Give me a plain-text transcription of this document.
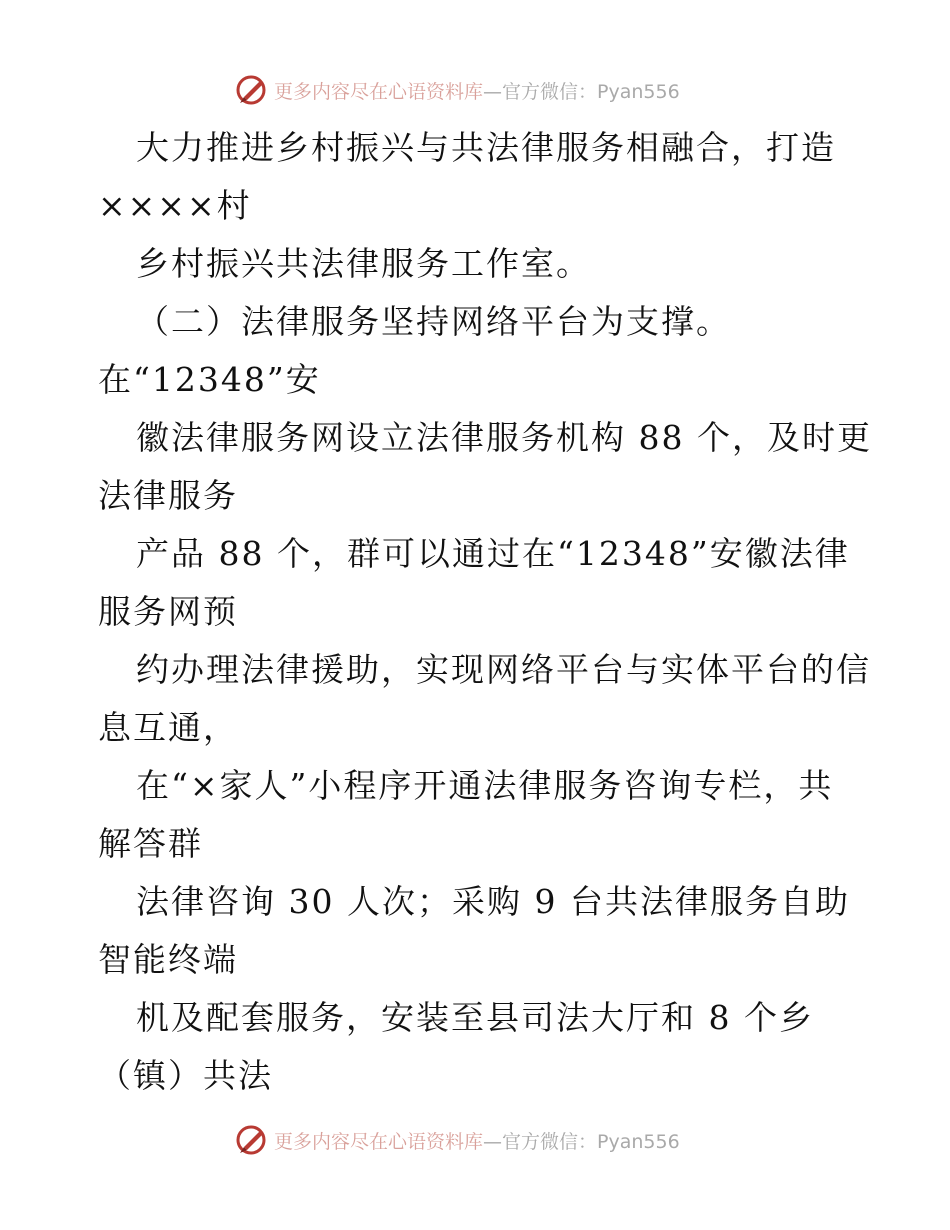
更多内容尽在心语资料库 —官方微信：Pyan556
大力推进乡村振兴与共法律服务相融合，打造
××××村
乡村振兴共法律服务工作室。
（二）法律服务坚持网络平台为支撑。
在“12348”安
徽法律服务网设立法律服务机构 88 个，及时更
法律服务
产品 88 个，群可以通过在“12348”安徽法律
服务网预
约办理法律援助，实现网络平台与实体平台的信
息互通，
在“×家人”小程序开通法律服务咨询专栏，共
解答群
法律咨询 30 人次；采购 9 台共法律服务自助
智能终端
机及配套服务，安装至县司法大厅和 8 个乡
（镇）共法
更多内容尽在心语资料库 —官方微信：Pyan556
